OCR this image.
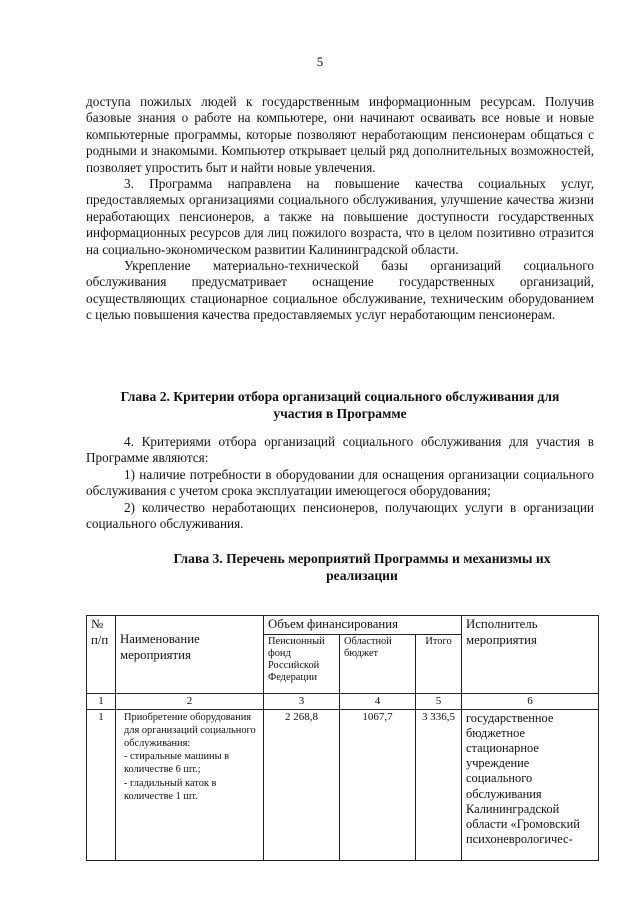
5

доступа пожилых людей к государственным информационным ресурсам. Получив базовые знания о работе на компьютере, они начинают осваивать все новые и новые компьютерные программы, которые позволяют неработающим пенсионерам общаться с родными и знакомыми. Компьютер открывает целый ряд дополнительных возможностей, позволяет упростить быт и найти новые увлечения.

3. Программа направлена на повышение качества социальных услуг, предоставляемых организациями социального обслуживания, улучшение качества жизни неработающих пенсионеров, а также на повышение доступности государственных информационных ресурсов для лиц пожилого возраста, что в целом позитивно отразится на социально-экономическом развитии Калининградской области.

Укрепление материально-технической базы организаций социального обслуживания предусматривает оснащение государственных организаций, осуществляющих стационарное социальное обслуживание, техническим оборудованием с целью повышения качества предоставляемых услуг неработающим пенсионерам.

Глава 2. Критерии отбора организаций социального обслуживания для участия в Программе

4. Критериями отбора организаций социального обслуживания для участия в Программе являются:

1) наличие потребности в оборудовании для оснащения организации социального обслуживания с учетом срока эксплуатации имеющегося оборудования;

2) количество неработающих пенсионеров, получающих услуги в организации социального обслуживания.

Глава 3. Перечень мероприятий Программы и механизмы их реализации
№ п/п	Наименование мероприятия	Объем финансирования			Исполнитель мероприятия
		Пенсионный фонд Российской Федерации	Областной бюджет	Итого	
1	2	3	4	5	6
1	Приобретение оборудования для организаций социального обслуживания:
- стиральные машины в количестве 6 шт.;
- гладильный каток в количестве 1 шт.	2 268,8	1067,7	3 336,5	государственное бюджетное стационарное учреждение социального обслуживания Калининградской области «Громовский психоневрологичес-
